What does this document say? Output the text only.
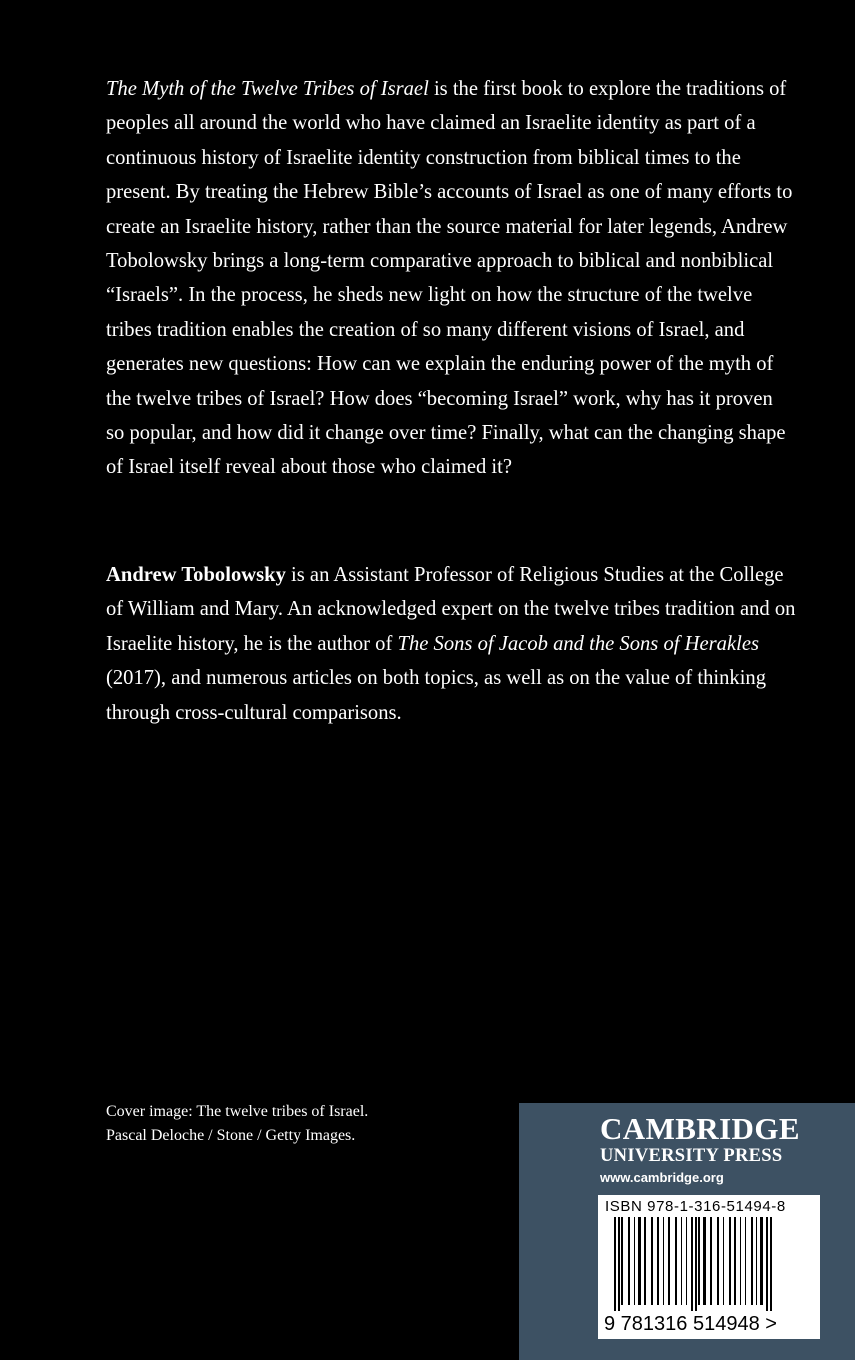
The Myth of the Twelve Tribes of Israel is the first book to explore the traditions of peoples all around the world who have claimed an Israelite identity as part of a continuous history of Israelite identity construction from biblical times to the present. By treating the Hebrew Bible’s accounts of Israel as one of many efforts to create an Israelite history, rather than the source material for later legends, Andrew Tobolowsky brings a long-term comparative approach to biblical and nonbiblical “Israels”. In the process, he sheds new light on how the structure of the twelve tribes tradition enables the creation of so many different visions of Israel, and generates new questions: How can we explain the enduring power of the myth of the twelve tribes of Israel? How does “becoming Israel” work, why has it proven so popular, and how did it change over time? Finally, what can the changing shape of Israel itself reveal about those who claimed it?

Andrew Tobolowsky is an Assistant Professor of Religious Studies at the College of William and Mary. An acknowledged expert on the twelve tribes tradition and on Israelite history, he is the author of The Sons of Jacob and the Sons of Herakles (2017), and numerous articles on both topics, as well as on the value of thinking through cross-cultural comparisons.

Cover image: The twelve tribes of Israel.
Pascal Deloche / Stone / Getty Images.	CAMBRIDGE
UNIVERSITY PRESS
www.cambridge.org
ISBN 978-1-316-51494-8
9 781316 514948 >
